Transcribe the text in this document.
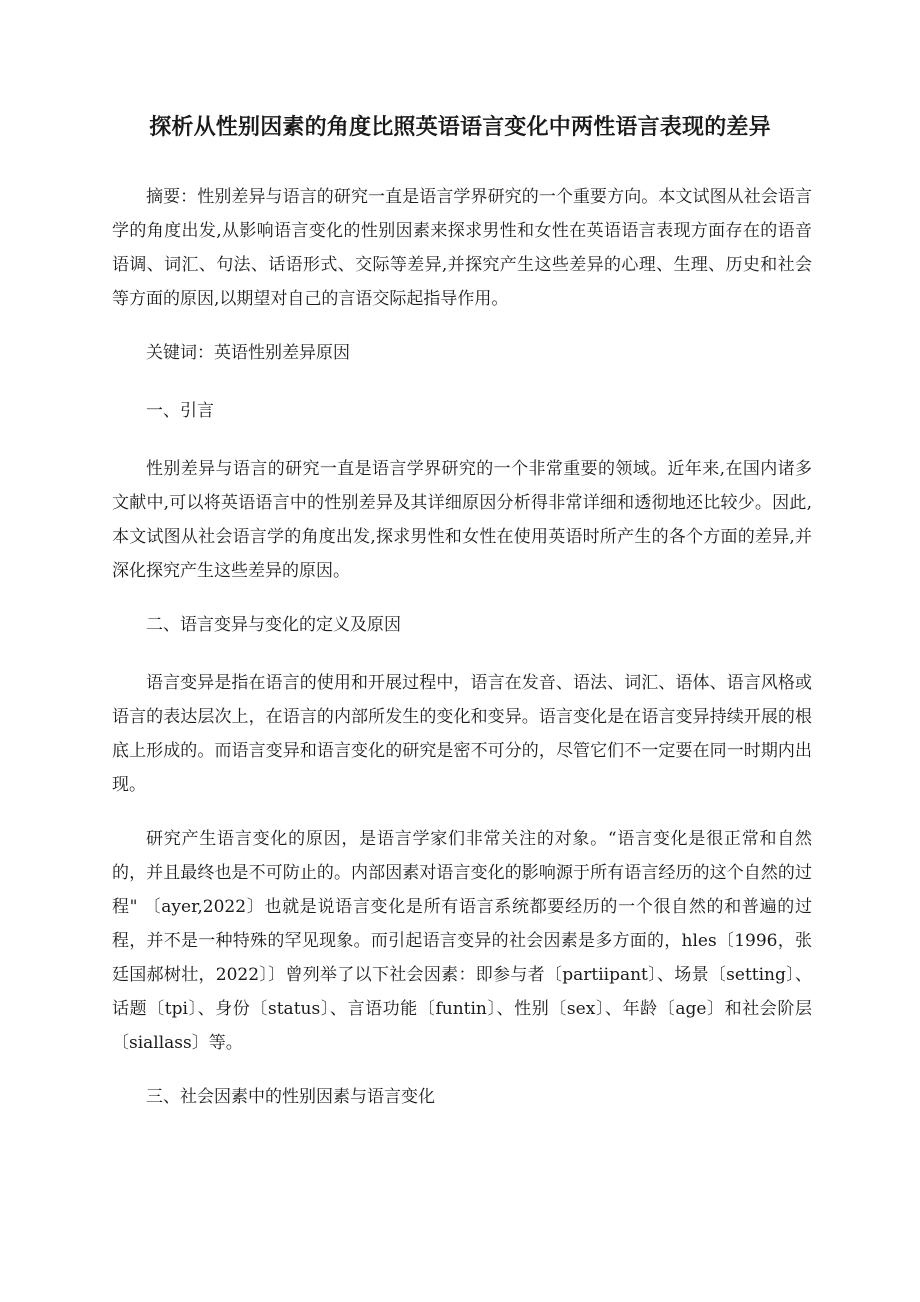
探析从性别因素的角度比照英语语言变化中两性语言表现的差异

摘要：性别差异与语言的研究一直是语言学界研究的一个重要方向。本文试图从社会语言学的角度出发,从影响语言变化的性别因素来探求男性和女性在英语语言表现方面存在的语音语调、词汇、句法、话语形式、交际等差异,并探究产生这些差异的心理、生理、历史和社会等方面的原因,以期望对自己的言语交际起指导作用。

关键词：英语性别差异原因

一、引言

性别差异与语言的研究一直是语言学界研究的一个非常重要的领域。近年来,在国内诸多文献中,可以将英语语言中的性别差异及其详细原因分析得非常详细和透彻地还比较少。因此,本文试图从社会语言学的角度出发,探求男性和女性在使用英语时所产生的各个方面的差异,并深化探究产生这些差异的原因。

二、语言变异与变化的定义及原因

语言变异是指在语言的使用和开展过程中，语言在发音、语法、词汇、语体、语言风格或语言的表达层次上，在语言的内部所发生的变化和变异。语言变化是在语言变异持续开展的根底上形成的。而语言变异和语言变化的研究是密不可分的，尽管它们不一定要在同一时期内出现。

研究产生语言变化的原因，是语言学家们非常关注的对象。“语言变化是很正常和自然的，并且最终也是不可防止的。内部因素对语言变化的影响源于所有语言经历的这个自然的过程" 〔ayer,2022〕也就是说语言变化是所有语言系统都要经历的一个很自然的和普遍的过程，并不是一种特殊的罕见现象。而引起语言变异的社会因素是多方面的，hles〔1996，张廷国郝树壮，2022〕〕曾列举了以下社会因素：即参与者〔partiipant〕、场景〔setting〕、话题〔tpi〕、身份〔status〕、言语功能〔funtin〕、性别〔sex〕、年龄〔age〕和社会阶层〔siallass〕等。

三、社会因素中的性别因素与语言变化
